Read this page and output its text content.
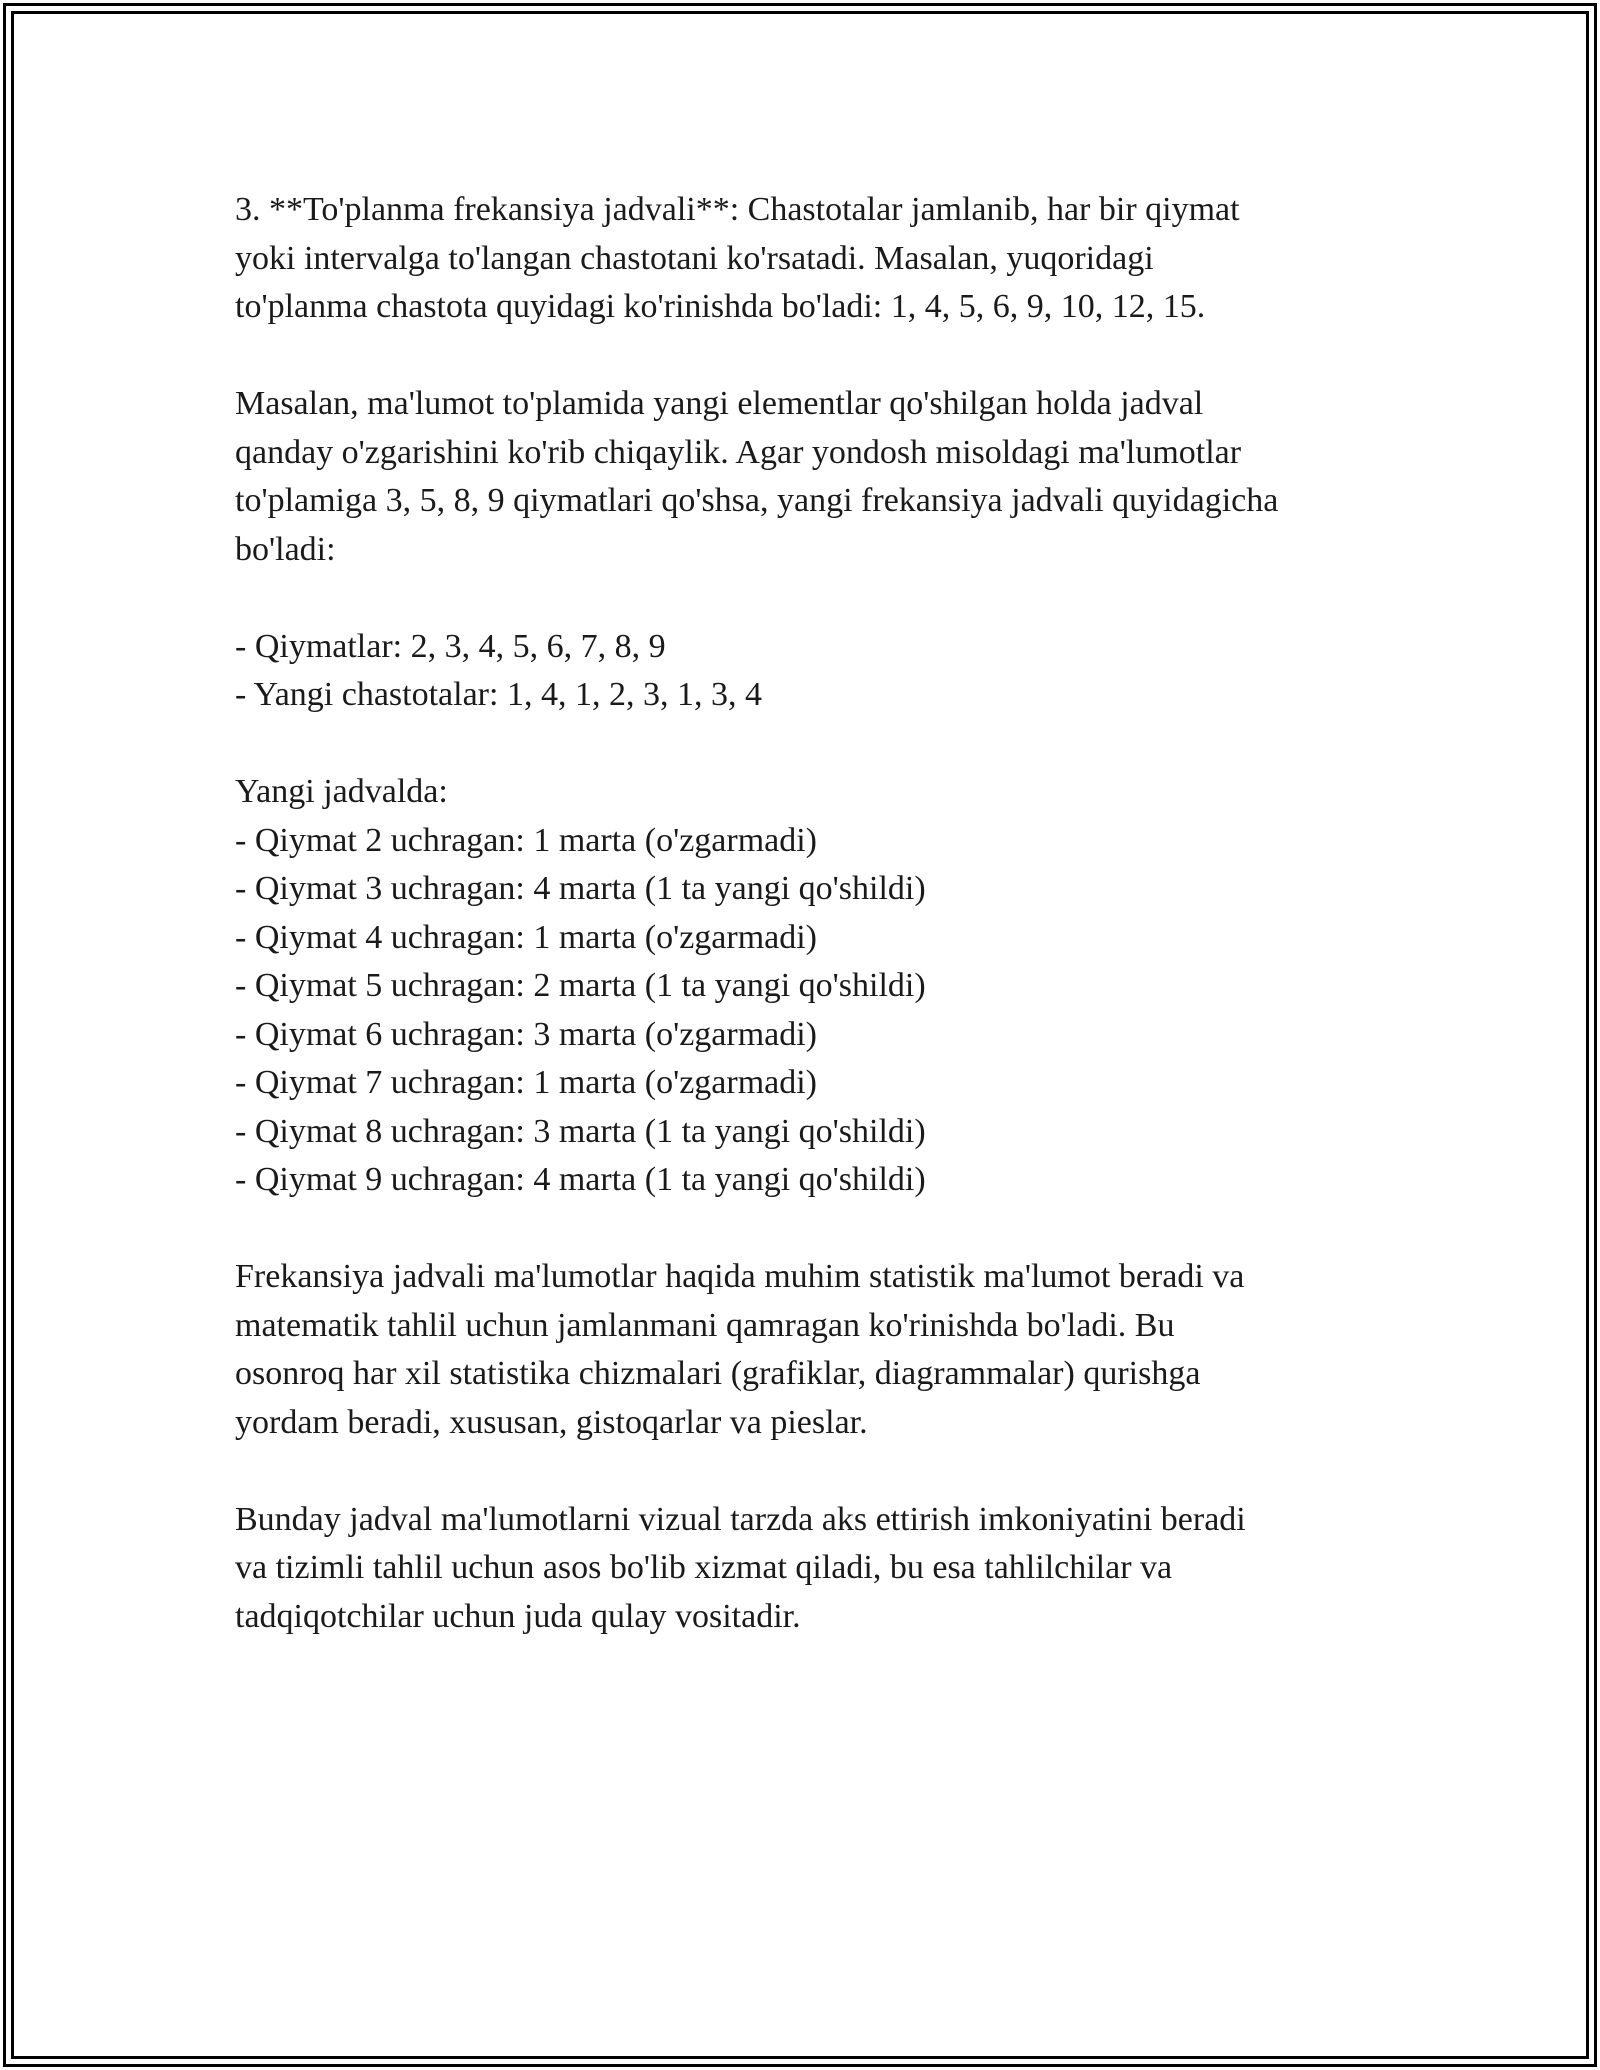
3. **To'planma frekansiya jadvali**: Chastotalar jamlanib, har bir qiymat

yoki intervalga to'langan chastotani ko'rsatadi. Masalan, yuqoridagi

to'planma chastota quyidagi ko'rinishda bo'ladi: 1, 4, 5, 6, 9, 10, 12, 15.

Masalan, ma'lumot to'plamida yangi elementlar qo'shilgan holda jadval

qanday o'zgarishini ko'rib chiqaylik. Agar yondosh misoldagi ma'lumotlar

to'plamiga 3, 5, 8, 9 qiymatlari qo'shsa, yangi frekansiya jadvali quyidagicha

bo'ladi:

- Qiymatlar: 2, 3, 4, 5, 6, 7, 8, 9

- Yangi chastotalar: 1, 4, 1, 2, 3, 1, 3, 4

Yangi jadvalda:

- Qiymat 2 uchragan: 1 marta (o'zgarmadi)

- Qiymat 3 uchragan: 4 marta (1 ta yangi qo'shildi)

- Qiymat 4 uchragan: 1 marta (o'zgarmadi)

- Qiymat 5 uchragan: 2 marta (1 ta yangi qo'shildi)

- Qiymat 6 uchragan: 3 marta (o'zgarmadi)

- Qiymat 7 uchragan: 1 marta (o'zgarmadi)

- Qiymat 8 uchragan: 3 marta (1 ta yangi qo'shildi)

- Qiymat 9 uchragan: 4 marta (1 ta yangi qo'shildi)

Frekansiya jadvali ma'lumotlar haqida muhim statistik ma'lumot beradi va

matematik tahlil uchun jamlanmani qamragan ko'rinishda bo'ladi. Bu

osonroq har xil statistika chizmalari (grafiklar, diagrammalar) qurishga

yordam beradi, xususan, gistoqarlar va pieslar.

Bunday jadval ma'lumotlarni vizual tarzda aks ettirish imkoniyatini beradi

va tizimli tahlil uchun asos bo'lib xizmat qiladi, bu esa tahlilchilar va

tadqiqotchilar uchun juda qulay vositadir.
